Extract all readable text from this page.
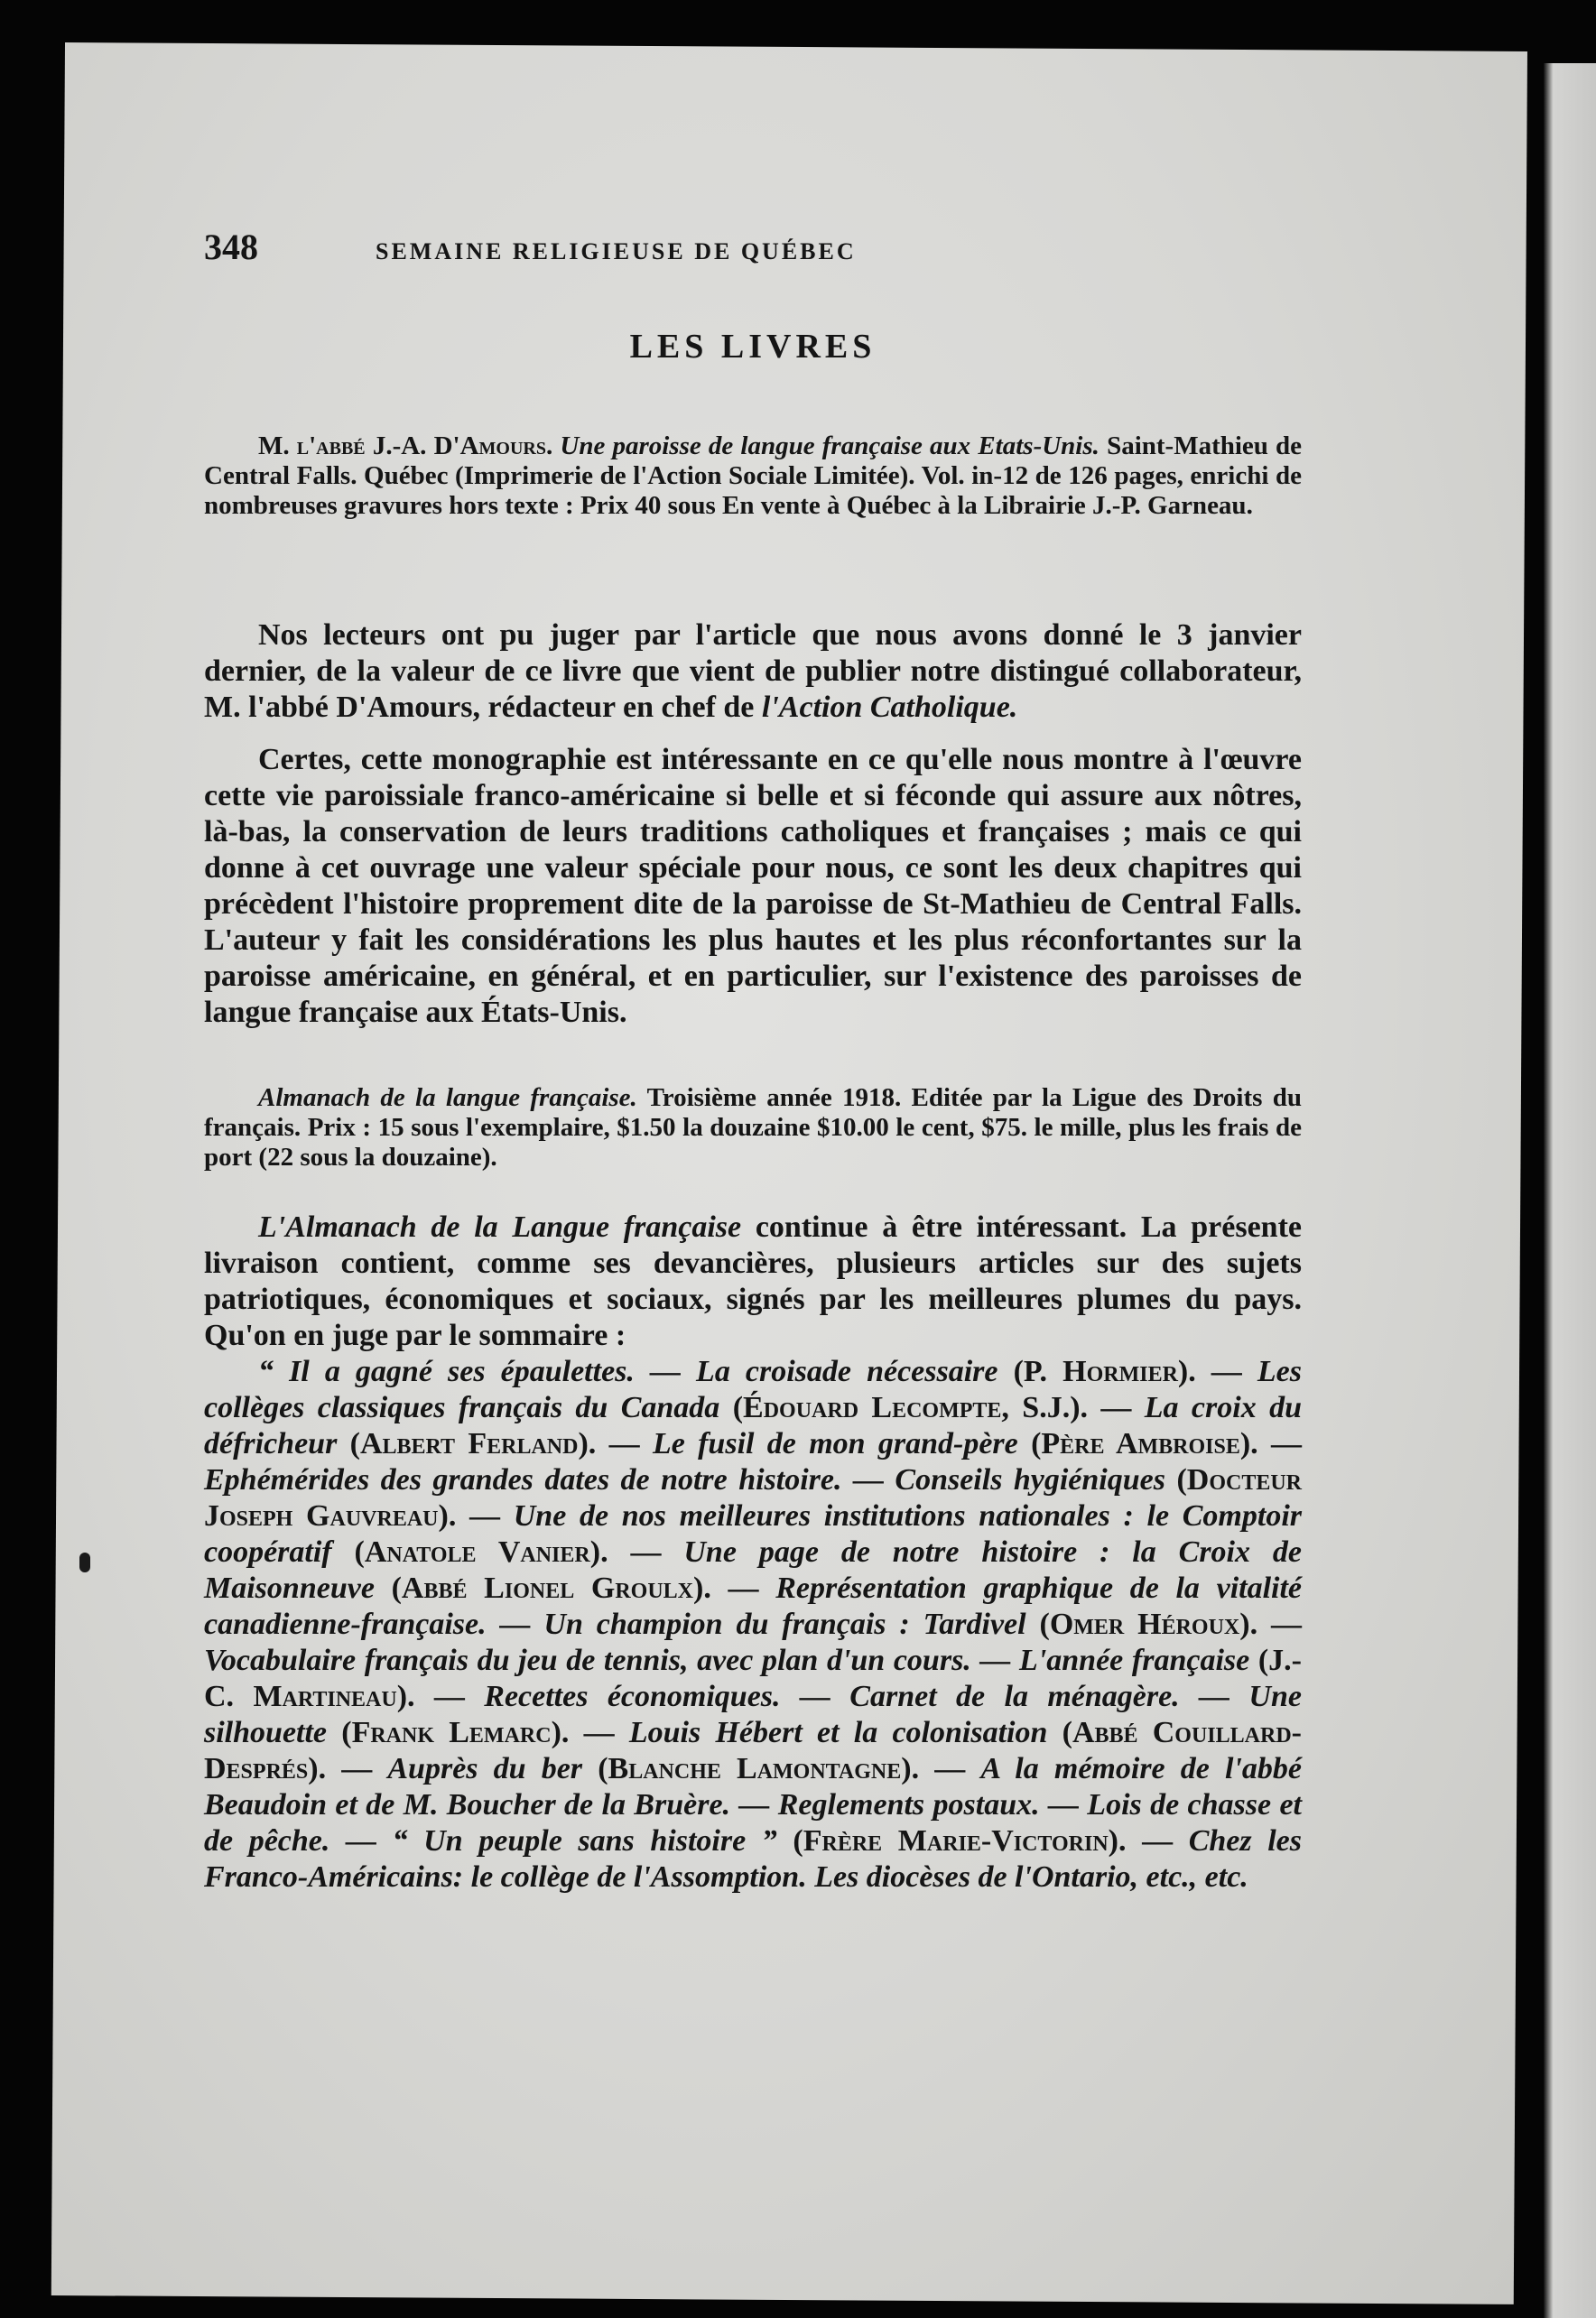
348	SEMAINE RELIGIEUSE DE QUÉBEC
LES LIVRES

M. l'abbé J.-A. D'Amours. Une paroisse de langue française aux Etats-Unis. Saint-Mathieu de Central Falls. Québec (Imprimerie de l'Action Sociale Limitée). Vol. in-12 de 126 pages, enrichi de nombreuses gravures hors texte : Prix 40 sous En vente à Québec à la Librairie J.-P. Garneau.

Nos lecteurs ont pu juger par l'article que nous avons donné le 3 janvier dernier, de la valeur de ce livre que vient de publier notre distingué collaborateur, M. l'abbé D'Amours, rédacteur en chef de l'Action Catholique.

Certes, cette monographie est intéressante en ce qu'elle nous montre à l'œuvre cette vie paroissiale franco-américaine si belle et si féconde qui assure aux nôtres, là-bas, la conservation de leurs traditions catholiques et françaises ; mais ce qui donne à cet ouvrage une valeur spéciale pour nous, ce sont les deux chapitres qui précèdent l'histoire proprement dite de la paroisse de St-Mathieu de Central Falls. L'auteur y fait les considérations les plus hautes et les plus réconfortantes sur la paroisse américaine, en général, et en particulier, sur l'existence des paroisses de langue française aux États-Unis.

Almanach de la langue française. Troisième année 1918. Editée par la Ligue des Droits du français. Prix : 15 sous l'exemplaire, $1.50 la douzaine $10.00 le cent, $75. le mille, plus les frais de port (22 sous la douzaine).

L'Almanach de la Langue française continue à être intéressant. La présente livraison contient, comme ses devancières, plusieurs articles sur des sujets patriotiques, économiques et sociaux, signés par les meilleures plumes du pays. Qu'on en juge par le sommaire :

“ Il a gagné ses épaulettes. — La croisade nécessaire (P. Hormier). — Les collèges classiques français du Canada (Édouard Lecompte, S.J.). — La croix du défricheur (Albert Ferland). — Le fusil de mon grand-père (Père Ambroise). — Ephémérides des grandes dates de notre histoire. — Conseils hygiéniques (Docteur Joseph Gauvreau). — Une de nos meilleures institutions nationales : le Comptoir coopératif (Anatole Vanier). — Une page de notre histoire : la Croix de Maisonneuve (Abbé Lionel Groulx). — Représentation graphique de la vitalité canadienne-française. — Un champion du français : Tardivel (Omer Héroux). — Vocabulaire français du jeu de tennis, avec plan d'un cours. — L'année française (J.-C. Martineau). — Recettes économiques. — Carnet de la ménagère. — Une silhouette (Frank Lemarc). — Louis Hébert et la colonisation (Abbé Couillard-Després). — Auprès du ber (Blanche Lamontagne). — A la mémoire de l'abbé Beaudoin et de M. Boucher de la Bruère. — Reglements postaux. — Lois de chasse et de pêche. — “ Un peuple sans histoire ” (Frère Marie-Victorin). — Chez les Franco-Américains: le collège de l'Assomption. Les diocèses de l'Ontario, etc., etc.
